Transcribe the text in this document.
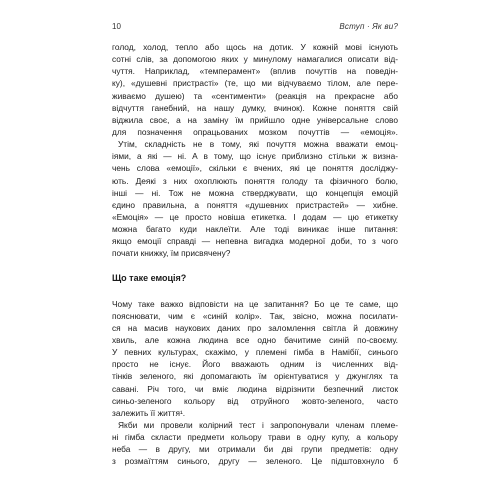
10	Вступ · Як ви?
голод, холод, тепло або щось на дотик. У кожній мові існують
сотні слів, за допомогою яких у минулому намагалися описати від-
чуття. Наприклад, «темперамент» (вплив почуттів на поведін-
ку), «душевні пристрасті» (те, що ми відчуваємо тілом, але пере-
живаємо душею) та «сентименти» (реакція на прекрасне або
відчуття ганебний, на нашу думку, вчинок). Кожне поняття свій
віджила своє, а на заміну їм прийшло одне універсальне слово
для позначення опрацьованих мозком почуттів — «емоція».
Утім, складність не в тому, які почуття можна вважати емоц-
іями, а які — ні. А в тому, що існує приблизно стільки ж визна-
чень слова «емоції», скільки є вчених, які це поняття досліджу-
ють. Деякі з них охоплюють поняття голоду та фізичного болю,
інші — ні. Тож не можна стверджувати, що концепція емоцій
єдино правильна, а поняття «душевних пристрастей» — хибне.
«Емоція» — це просто новіша етикетка. І додам — цю етикетку
можна багато куди наклеїти. Але тоді виникає інше питання:
якщо емоції справді — непевна вигадка модерної доби, то з чого
почати книжку, їм присвячену?
Що таке емоція?
Чому таке важко відповісти на це запитання? Бо це те саме, що
пояснювати, чим є «синій колір». Так, звісно, можна посилати-
ся на масив наукових даних про заломлення світла й довжину
хвиль, але кожна людина все одно бачитиме синій по-своєму.
У певних культурах, скажімо, у племені гімба в Намібії, синього
просто не існує. Його вважають одним із численних від-
тінків зеленого, які допомагають їм орієнтуватися у джунглях та
савані. Річ того, чи вміє людина відрізнити безпечний листок
синьо-зеленого кольору від отруйного жовто-зеленого, часто
залежить її життя¹.
Якби ми провели колірний тест і запропонували членам племе-
ні гімба скласти предмети кольору трави в одну купу, а кольору
неба — в другу, ми отримали би дві групи предметів: одну
з розмаїттям синього, другу — зеленого. Це підштовхнуло б
